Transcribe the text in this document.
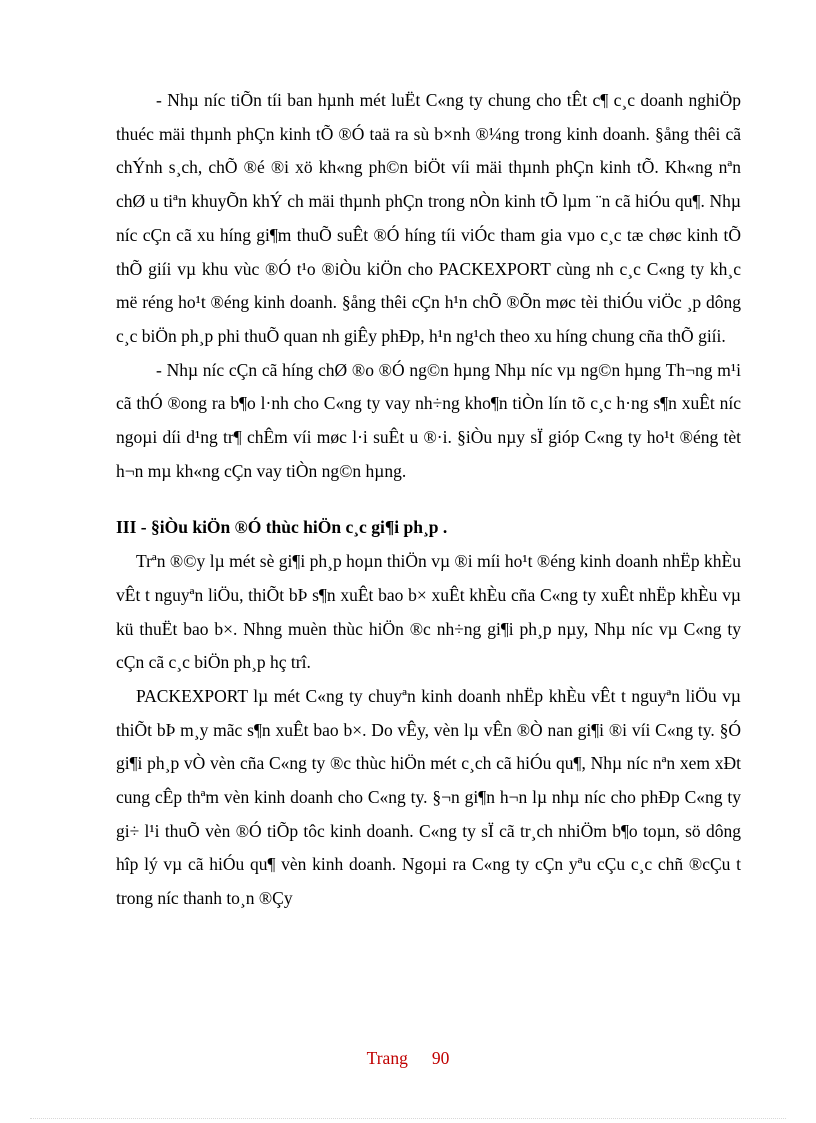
- Nhµ níc tiÕn tíi ban hµnh mét luËt C«ng ty chung cho tÊt c¶ c¸c doanh nghiÖp thuéc mäi thµnh phÇn kinh tÕ ®Ó taä ra sù b×nh ®¼ng trong kinh doanh. §ång thêi cã chÝnh s¸ch, chÕ ®é ®i xö kh«ng ph©n biÖt víi mäi thµnh phÇn kinh tÕ. Kh«ng nªn chØ u tiªn khuyÕn khÝ ch mäi thµnh phÇn trong nÒn kinh tÕ lµm ¨n cã hiÓu qu¶. Nhµ níc cÇn cã xu híng gi¶m thuÕ suÊt ®Ó híng tíi viÓc tham gia vµo c¸c tæ chøc kinh tÕ thÕ giíi vµ khu vùc ®Ó t¹o ®iÒu kiÖn cho PACKEXPORT cùng nh c¸c C«ng ty kh¸c më réng ho¹t ®éng kinh doanh. §ång thêi cÇn h¹n chÕ ®Õn møc tèi thiÓu viÖc ¸p dông c¸c biÖn ph¸p phi thuÕ quan nh giÊy phÐp, h¹n ng¹ch theo xu híng chung cña thÕ giíi.

- Nhµ níc cÇn cã híng chØ ®o ®Ó ng©n hµng Nhµ níc vµ ng©n hµng Th¬ng m¹i cã thÓ ®ong ra b¶o l·nh cho C«ng ty vay nh÷ng kho¶n tiÒn lín tõ c¸c h·ng s¶n xuÊt níc ngoµi díi d¹ng tr¶ chÊm víi møc l·i suÊt u ®·i. §iÒu nµy sÏ gióp C«ng ty ho¹t ®éng tèt h¬n mµ kh«ng cÇn vay tiÒn ng©n hµng.

III - §iÒu kiÖn ®Ó thùc hiÖn c¸c gi¶i ph¸p .

Trªn ®©y lµ mét sè gi¶i ph¸p hoµn thiÖn vµ ®i míi ho¹t ®éng kinh doanh nhËp khÈu vÊt t nguyªn liÖu, thiÕt bÞ s¶n xuÊt bao b× xuÊt khÈu cña C«ng ty xuÊt nhËp khÈu vµ kü thuËt bao b×. Nhng muèn thùc hiÖn ®c nh÷ng gi¶i ph¸p nµy, Nhµ níc vµ C«ng ty cÇn cã c¸c biÖn ph¸p hç trî.

PACKEXPORT lµ mét C«ng ty chuyªn kinh doanh nhËp khÈu vÊt t nguyªn liÖu vµ thiÕt bÞ m¸y mãc s¶n xuÊt bao b×. Do vÊy, vèn lµ vÊn ®Ò nan gi¶i ®i víi C«ng ty. §Ó gi¶i ph¸p vÒ vèn cña C«ng ty ®c thùc hiÖn mét c¸ch cã hiÓu qu¶, Nhµ níc nªn xem xÐt cung cÊp thªm vèn kinh doanh cho C«ng ty. §¬n gi¶n h¬n lµ nhµ níc cho phÐp C«ng ty gi÷ l¹i thuÕ vèn ®Ó tiÕp tôc kinh doanh. C«ng ty sÏ cã tr¸ch nhiÖm b¶o toµn, sö dông hîp lý vµ cã hiÓu qu¶ vèn kinh doanh. Ngoµi ra C«ng ty cÇn yªu cÇu c¸c chñ ®cÇu t trong níc thanh to¸n ®Çy

Trang 90
